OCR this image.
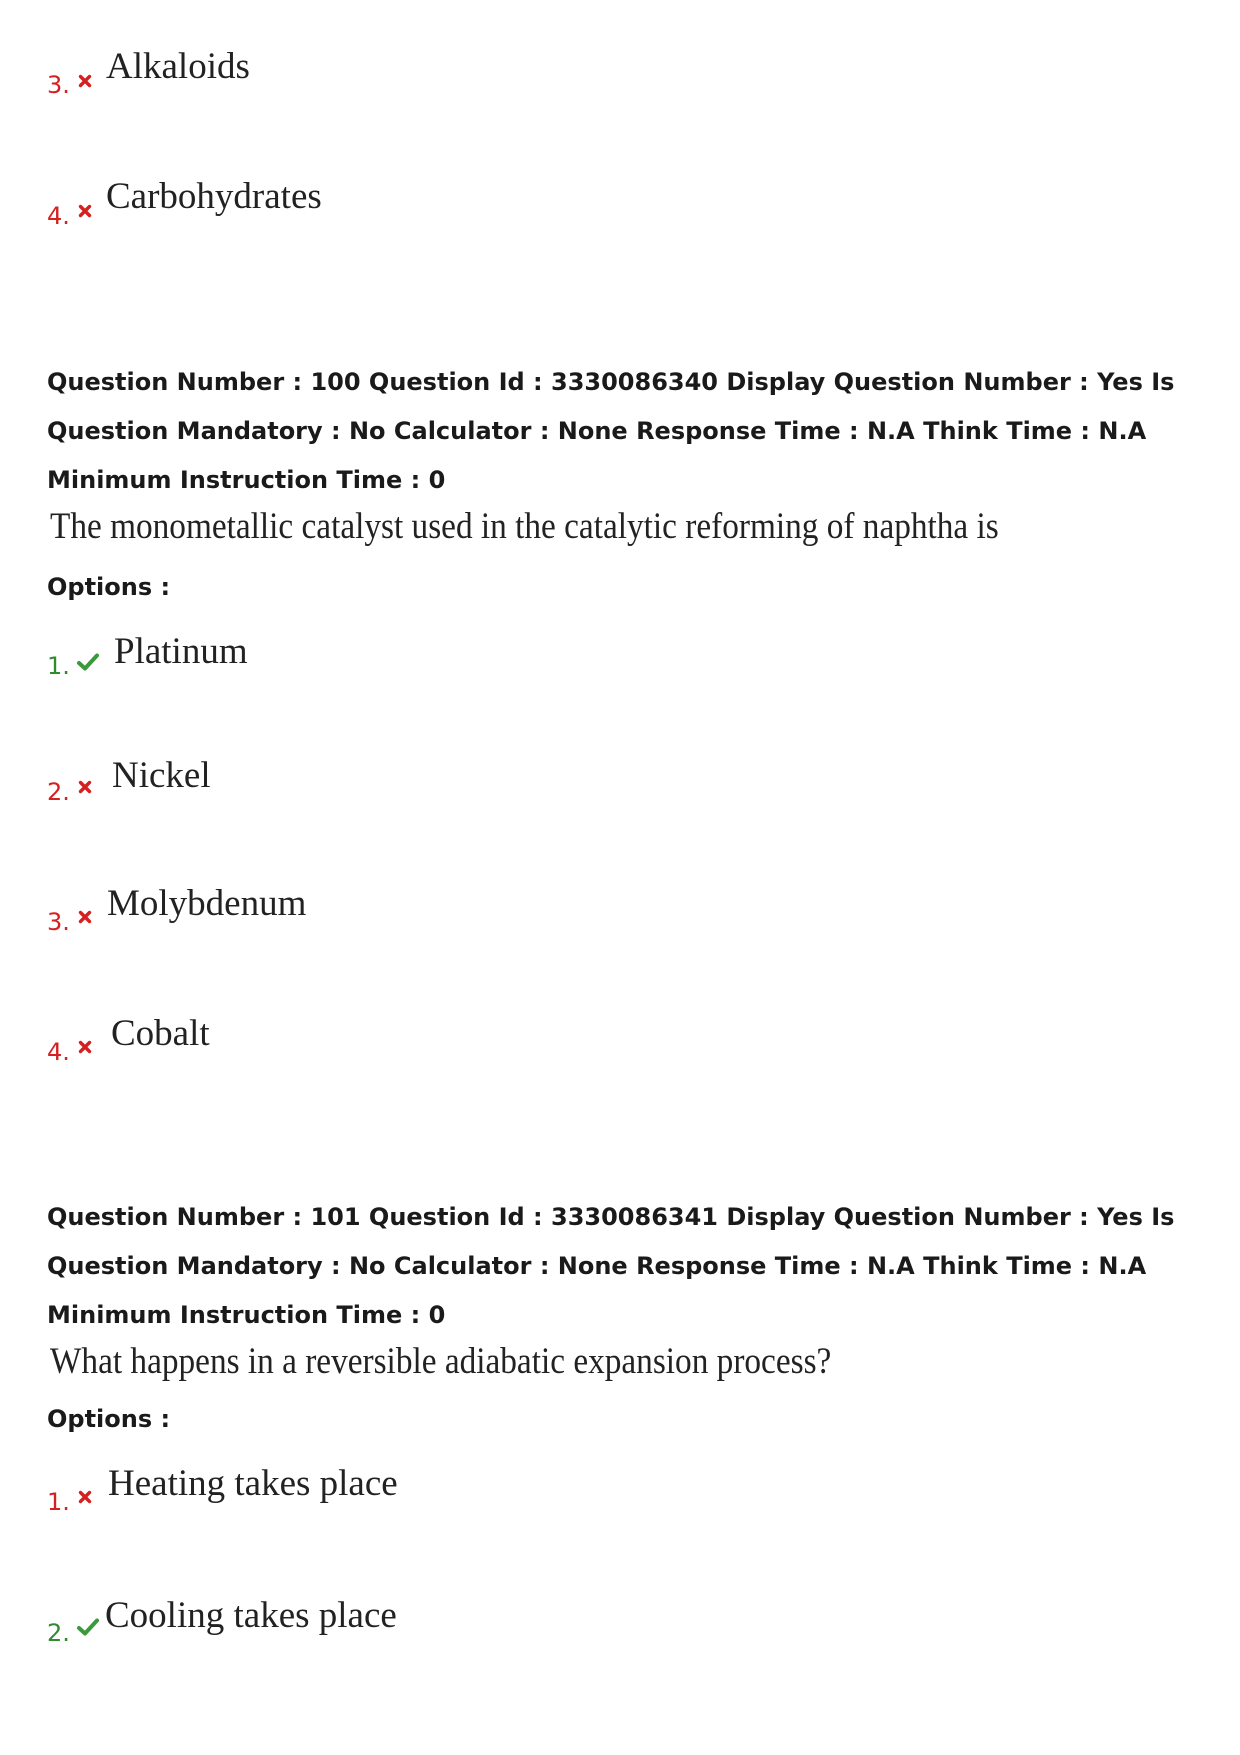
3. Alkaloids
4. Carbohydrates
Question Number : 100 Question Id : 3330086340 Display Question Number : Yes Is Question Mandatory : No Calculator : None Response Time : N.A Think Time : N.A Minimum Instruction Time : 0
The monometallic catalyst used in the catalytic reforming of naphtha is
Options :
1. Platinum
2. Nickel
3. Molybdenum
4. Cobalt
Question Number : 101 Question Id : 3330086341 Display Question Number : Yes Is Question Mandatory : No Calculator : None Response Time : N.A Think Time : N.A Minimum Instruction Time : 0
What happens in a reversible adiabatic expansion process?
Options :
1. Heating takes place
2. Cooling takes place
